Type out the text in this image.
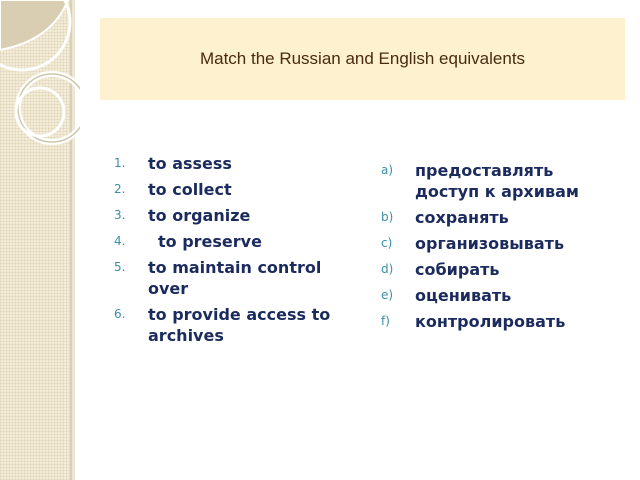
Match the Russian and English equivalents
1. to assess
2. to collect
3. to organize
4. to preserve
5. to maintain control over
6. to provide access to archives
a) предоставлять доступ к архивам
b) сохранять
c) организовывать
d) собирать
e) оценивать
f) контролировать
